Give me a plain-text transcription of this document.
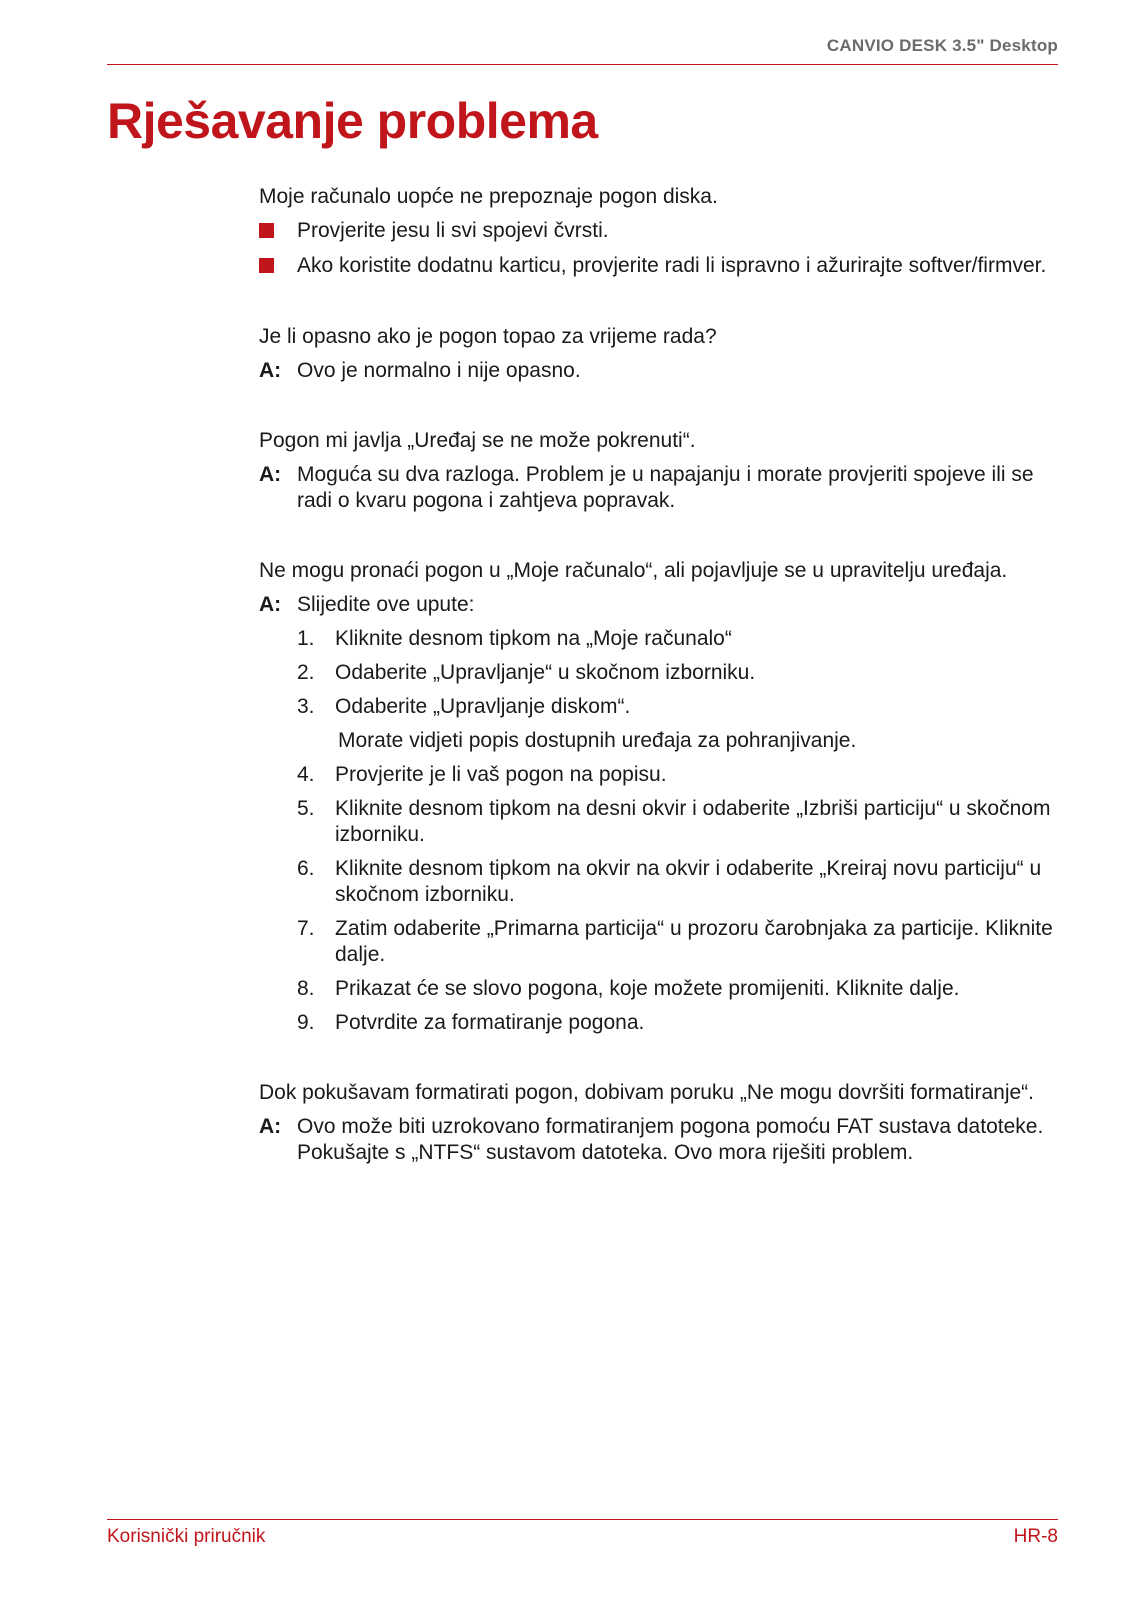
CANVIO DESK 3.5" Desktop
Rješavanje problema

Moje računalo uopće ne prepoznaje pogon diska.

Provjerite jesu li svi spojevi čvrsti.
Ako koristite dodatnu karticu, provjerite radi li ispravno i ažurirajte softver/firmver.

Je li opasno ako je pogon topao za vrijeme rada?

A: Ovo je normalno i nije opasno.

Pogon mi javlja „Uređaj se ne može pokrenuti“.

A: Moguća su dva razloga. Problem je u napajanju i morate provjeriti spojeve ili se radi o kvaru pogona i zahtjeva popravak.

Ne mogu pronaći pogon u „Moje računalo“, ali pojavljuje se u upravitelju uređaja.

A: Slijedite ove upute:
1. Kliknite desnom tipkom na „Moje računalo“
2. Odaberite „Upravljanje“ u skočnom izborniku.
3. Odaberite „Upravljanje diskom“.

Morate vidjeti popis dostupnih uređaja za pohranjivanje.

4. Provjerite je li vaš pogon na popisu.
5. Kliknite desnom tipkom na desni okvir i odaberite „Izbriši particiju“ u skočnom izborniku.
6. Kliknite desnom tipkom na okvir na okvir i odaberite „Kreiraj novu particiju“ u skočnom izborniku.
7. Zatim odaberite „Primarna particija“ u prozoru čarobnjaka za particije. Kliknite dalje.
8. Prikazat će se slovo pogona, koje možete promijeniti. Kliknite dalje.
9. Potvrdite za formatiranje pogona.

Dok pokušavam formatirati pogon, dobivam poruku „Ne mogu dovršiti formatiranje“.

A: Ovo može biti uzrokovano formatiranjem pogona pomoću FAT sustava datoteke.
Pokušajte s „NTFS“ sustavom datoteka. Ovo mora riješiti problem.
Korisnički priručnik	HR-8
